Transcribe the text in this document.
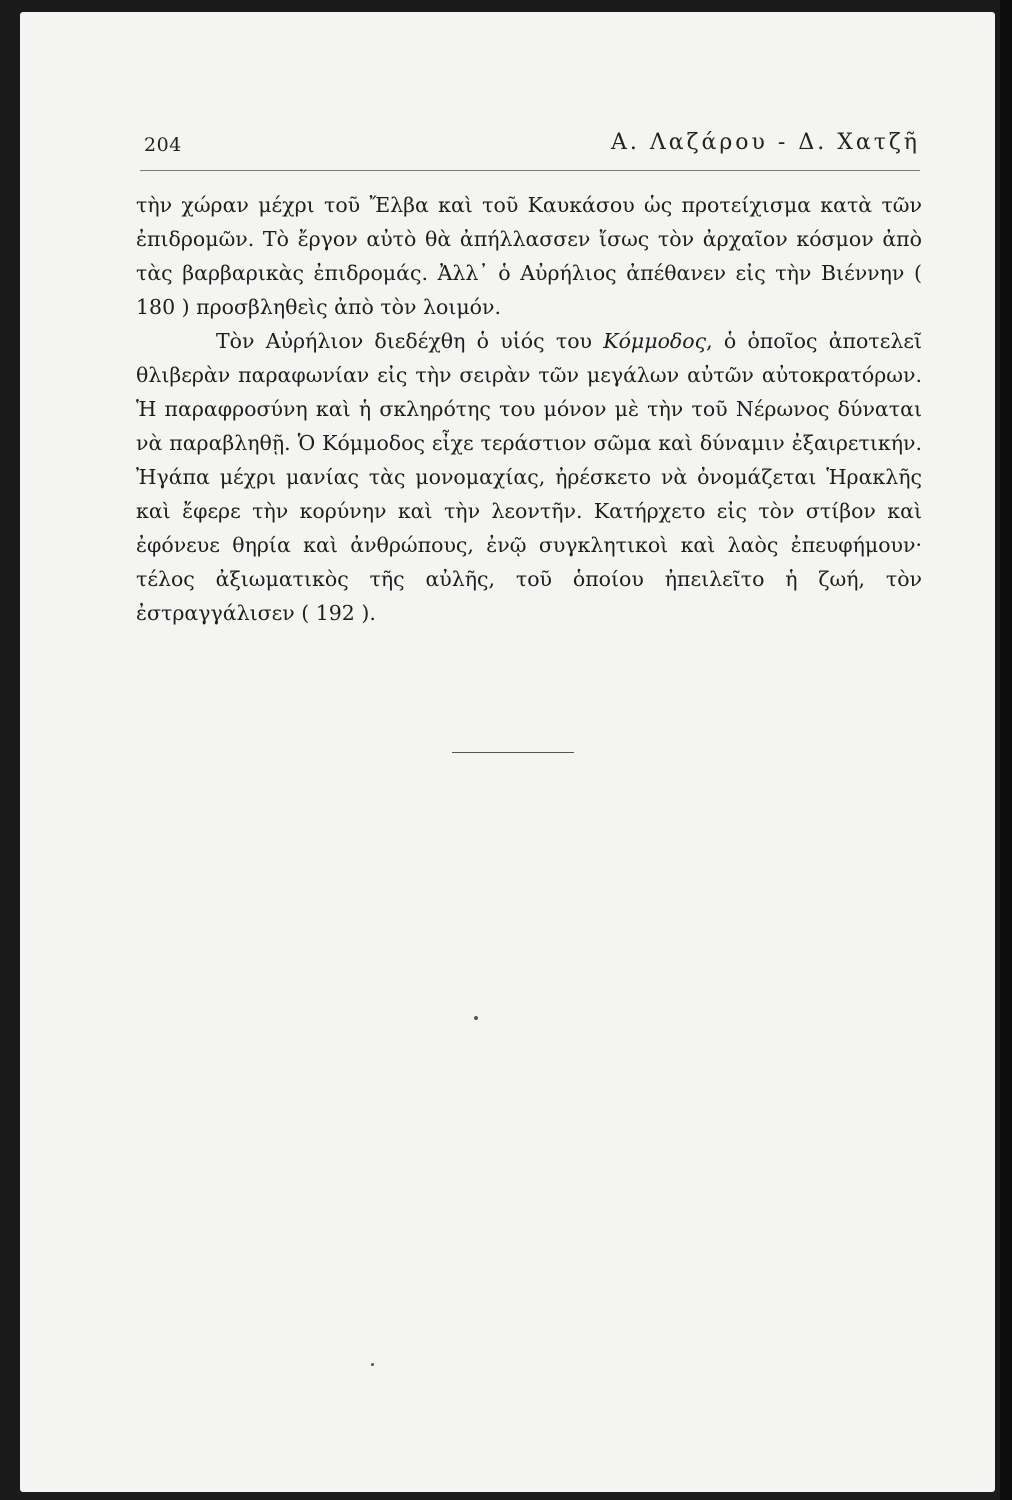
204	Α. Λαζάρου - Δ. Χατζῆ

τὴν χώραν μέχρι τοῦ Ἔλβα καὶ τοῦ Καυκάσου ὡς προτείχισμα κατὰ τῶν ἐπιδρομῶν. Τὸ ἔργον αὐτὸ θὰ ἀπήλλασσεν ἴσως τὸν ἀρχαῖον κόσμον ἀπὸ τὰς βαρβαρικὰς ἐπιδρομάς. Ἀλλ᾽ ὁ Αὐρήλιος ἀπέθανεν εἰς τὴν Βιέννην ( 180 ) προσβληθεὶς ἀπὸ τὸν λοιμόν.

Τὸν Αὐρήλιον διεδέχθη ὁ υἱός του Κόμμοδος, ὁ ὁποῖος ἀποτελεῖ θλιβερὰν παραφωνίαν εἰς τὴν σειρὰν τῶν μεγάλων αὐτῶν αὐτοκρατόρων. Ἡ παραφροσύνη καὶ ἡ σκληρότης του μόνον μὲ τὴν τοῦ Νέρωνος δύναται νὰ παραβληθῇ. Ὁ Κόμμοδος εἶχε τεράστιον σῶμα καὶ δύναμιν ἐξαιρετικήν. Ἠγάπα μέχρι μανίας τὰς μονομαχίας, ἠρέσκετο νὰ ὀνομάζεται Ἡρακλῆς καὶ ἔφερε τὴν κορύνην καὶ τὴν λεοντῆν. Κατήρχετο εἰς τὸν στίβον καὶ ἐφόνευε θηρία καὶ ἀνθρώπους, ἐνῷ συγκλητικοὶ καὶ λαὸς ἐπευφήμουν· τέλος ἀξιωματικὸς τῆς αὐλῆς, τοῦ ὁποίου ἠπειλεῖτο ἡ ζωή, τὸν ἐστραγγάλισεν ( 192 ).
